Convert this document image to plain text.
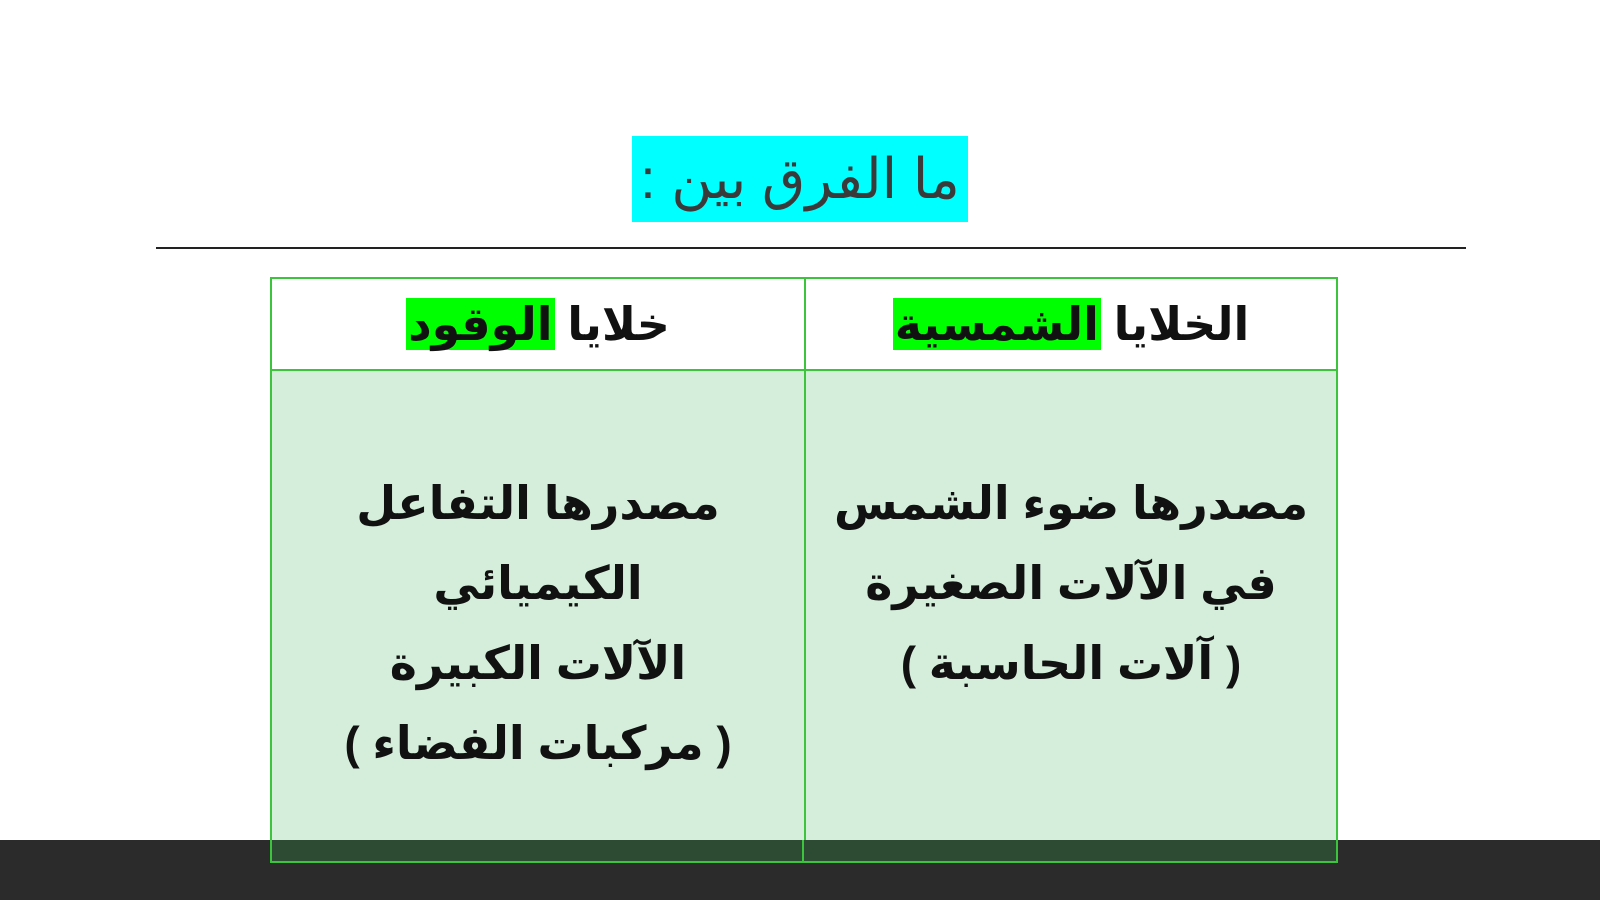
ما الفرق بين :
الخلايا الشمسية
خلايا الوقود
مصدرها ضوء الشمس
في الآلات الصغيرة
( آلات الحاسبة )
مصدرها التفاعل
الكيميائي
الآلات الكبيرة
( مركبات الفضاء )
